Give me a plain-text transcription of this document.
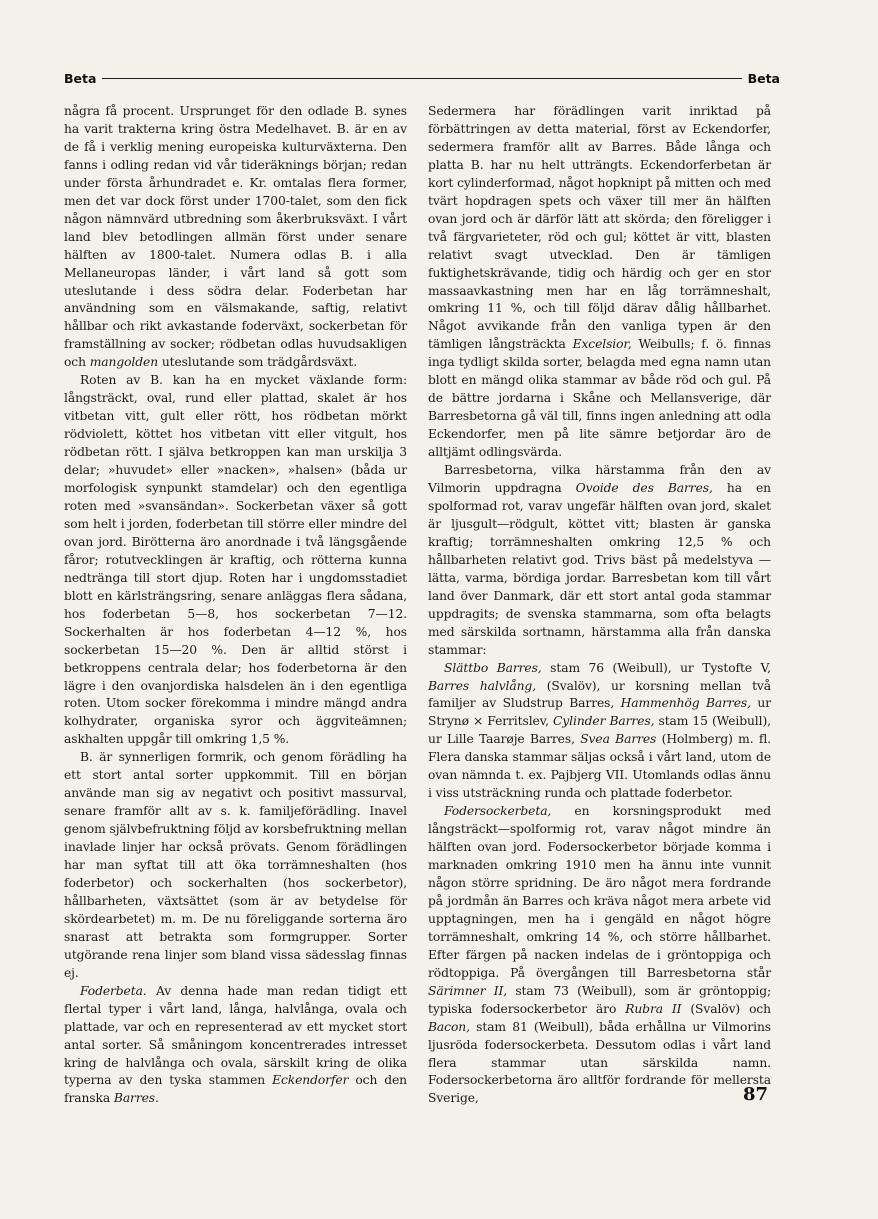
Beta	Beta

några få procent. Ursprunget för den odlade B. synes ha varit trakterna kring östra Medelhavet. B. är en av de få i verklig mening europeiska kulturväxterna. Den fanns i odling redan vid vår tideräknings början; redan under första århundradet e. Kr. omtalas flera former, men det var dock först under 1700-talet, som den fick någon nämnvärd utbredning som åkerbruksväxt. I vårt land blev betodlingen allmän först under senare hälften av 1800-talet. Numera odlas B. i alla Mellaneuropas länder, i vårt land så gott som uteslutande i dess södra delar. Foderbetan har användning som en välsmakande, saftig, relativt hållbar och rikt avkastande foderväxt, sockerbetan för framställning av socker; rödbetan odlas huvudsakligen och mangolden uteslutande som trädgårdsväxt.

Roten av B. kan ha en mycket växlande form: långsträckt, oval, rund eller plattad, skalet är hos vitbetan vitt, gult eller rött, hos rödbetan mörkt rödviolett, köttet hos vitbetan vitt eller vitgult, hos rödbetan rött. I själva betkroppen kan man urskilja 3 delar; »huvudet» eller »nacken», »halsen» (båda ur morfologisk synpunkt stamdelar) och den egentliga roten med »svansändan». Sockerbetan växer så gott som helt i jorden, foderbetan till större eller mindre del ovan jord. Birötterna äro anordnade i två längsgående fåror; rotutvecklingen är kraftig, och rötterna kunna nedtränga till stort djup. Roten har i ungdomsstadiet blott en kärlsträngsring, senare anläggas flera sådana, hos foderbetan 5—8, hos sockerbetan 7—12. Sockerhalten är hos foderbetan 4—12 %, hos sockerbetan 15—20 %. Den är alltid störst i betkroppens centrala delar; hos foderbetorna är den lägre i den ovanjordiska halsdelen än i den egentliga roten. Utom socker förekomma i mindre mängd andra kolhydrater, organiska syror och äggviteämnen; askhalten uppgår till omkring 1,5 %.

B. är synnerligen formrik, och genom förädling ha ett stort antal sorter uppkommit. Till en början använde man sig av negativt och positivt massurval, senare framför allt av s. k. familjeförädling. Inavel genom självbefruktning följd av korsbefruktning mellan inavlade linjer har också prövats. Genom förädlingen har man syftat till att öka torrämneshalten (hos foderbetor) och sockerhalten (hos sockerbetor), hållbarheten, växtsättet (som är av betydelse för skördearbetet) m. m. De nu föreliggande sorterna äro snarast att betrakta som formgrupper. Sorter utgörande rena linjer som bland vissa sädesslag finnas ej.

Foderbeta. Av denna hade man redan tidigt ett flertal typer i vårt land, långa, halvlånga, ovala och plattade, var och en representerad av ett mycket stort antal sorter. Så småningom koncentrerades intresset kring de halvlånga och ovala, särskilt kring de olika typerna av den tyska stammen Eckendorfer och den franska Barres.

Sedermera har förädlingen varit inriktad på förbättringen av detta material, först av Eckendorfer, sedermera framför allt av Barres. Både långa och platta B. har nu helt utträngts. Eckendorferbetan är kort cylinderformad, något hopknipt på mitten och med tvärt hopdragen spets och växer till mer än hälften ovan jord och är därför lätt att skörda; den föreligger i två färgvarieteter, röd och gul; köttet är vitt, blasten relativt svagt utvecklad. Den är tämligen fuktighetskrävande, tidig och härdig och ger en stor massaavkastning men har en låg torrämneshalt, omkring 11 %, och till följd därav dålig hållbarhet. Något avvikande från den vanliga typen är den tämligen långsträckta Excelsior, Weibulls; f. ö. finnas inga tydligt skilda sorter, belagda med egna namn utan blott en mängd olika stammar av både röd och gul. På de bättre jordarna i Skåne och Mellansverige, där Barresbetorna gå väl till, finns ingen anledning att odla Eckendorfer, men på lite sämre betjordar äro de alltjämt odlingsvärda.

Barresbetorna, vilka härstamma från den av Vilmorin uppdragna Ovoide des Barres, ha en spolformad rot, varav ungefär hälften ovan jord, skalet är ljusgult—rödgult, köttet vitt; blasten är ganska kraftig; torrämneshalten omkring 12,5 % och hållbarheten relativt god. Trivs bäst på medelstyva — lätta, varma, bördiga jordar. Barresbetan kom till vårt land över Danmark, där ett stort antal goda stammar uppdragits; de svenska stammarna, som ofta belagts med särskilda sortnamn, härstamma alla från danska stammar:

Slättbo Barres, stam 76 (Weibull), ur Tystofte V, Barres halvlång, (Svalöv), ur korsning mellan två familjer av Sludstrup Barres, Hammenhög Barres, ur Strynø × Ferritslev, Cylinder Barres, stam 15 (Weibull), ur Lille Taarøje Barres, Svea Barres (Holmberg) m. fl. Flera danska stammar säljas också i vårt land, utom de ovan nämnda t. ex. Pajbjerg VII. Utomlands odlas ännu i viss utsträckning runda och plattade foderbetor.

Fodersockerbeta, en korsningsprodukt med långsträckt—spolformig rot, varav något mindre än hälften ovan jord. Fodersockerbetor började komma i marknaden omkring 1910 men ha ännu inte vunnit någon större spridning. De äro något mera fordrande på jordmån än Barres och kräva något mera arbete vid upptagningen, men ha i gengäld en något högre torrämneshalt, omkring 14 %, och större hållbarhet. Efter färgen på nacken indelas de i gröntoppiga och rödtoppiga. På övergången till Barresbetorna står Särimner II, stam 73 (Weibull), som är gröntoppig; typiska fodersockerbetor äro Rubra II (Svalöv) och Bacon, stam 81 (Weibull), båda erhållna ur Vilmorins ljusröda fodersockerbeta. Dessutom odlas i vårt land flera stammar utan särskilda namn. Fodersockerbetorna äro alltför fordrande för mellersta Sverige,	87
